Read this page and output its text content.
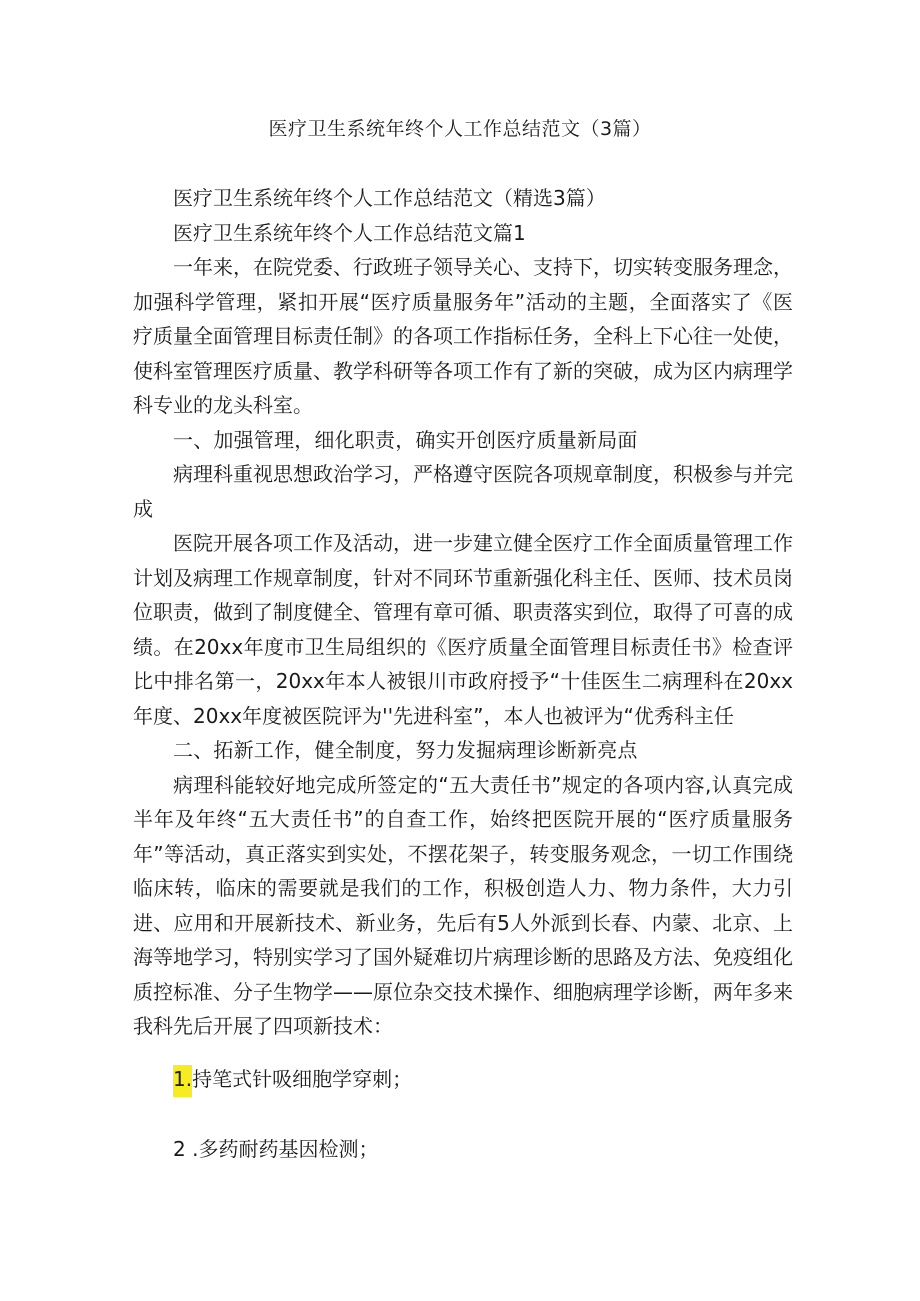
医疗卫生系统年终个人工作总结范文（3篇）

医疗卫生系统年终个人工作总结范文（精选3篇）

医疗卫生系统年终个人工作总结范文篇1

一年来，在院党委、行政班子领导关心、支持下，切实转变服务理念，加强科学管理，紧扣开展“医疗质量服务年”活动的主题，全面落实了《医疗质量全面管理目标责任制》的各项工作指标任务，全科上下心往一处使，使科室管理医疗质量、教学科研等各项工作有了新的突破，成为区内病理学科专业的龙头科室。

一、加强管理，细化职责，确实开创医疗质量新局面

病理科重视思想政治学习，严格遵守医院各项规章制度，积极参与并完成

医院开展各项工作及活动，进一步建立健全医疗工作全面质量管理工作计划及病理工作规章制度，针对不同环节重新强化科主任、医师、技术员岗位职责，做到了制度健全、管理有章可循、职责落实到位，取得了可喜的成绩。在20xx年度市卫生局组织的《医疗质量全面管理目标责任书》检查评比中排名第一，20xx年本人被银川市政府授予“十佳医生二病理科在20xx年度、20xx年度被医院评为''先进科室”，本人也被评为“优秀科主任

二、拓新工作，健全制度，努力发掘病理诊断新亮点

病理科能较好地完成所签定的“五大责任书”规定的各项内容,认真完成半年及年终“五大责任书”的自查工作，始终把医院开展的“医疗质量服务年”等活动，真正落实到实处，不摆花架子，转变服务观念，一切工作围绕临床转，临床的需要就是我们的工作，积极创造人力、物力条件，大力引进、应用和开展新技术、新业务，先后有5人外派到长春、内蒙、北京、上海等地学习，特别实学习了国外疑难切片病理诊断的思路及方法、免疫组化质控标准、分子生物学——原位杂交技术操作、细胞病理学诊断，两年多来我科先后开展了四项新技术：

1.持笔式针吸细胞学穿刺；

2 .多药耐药基因检测；
